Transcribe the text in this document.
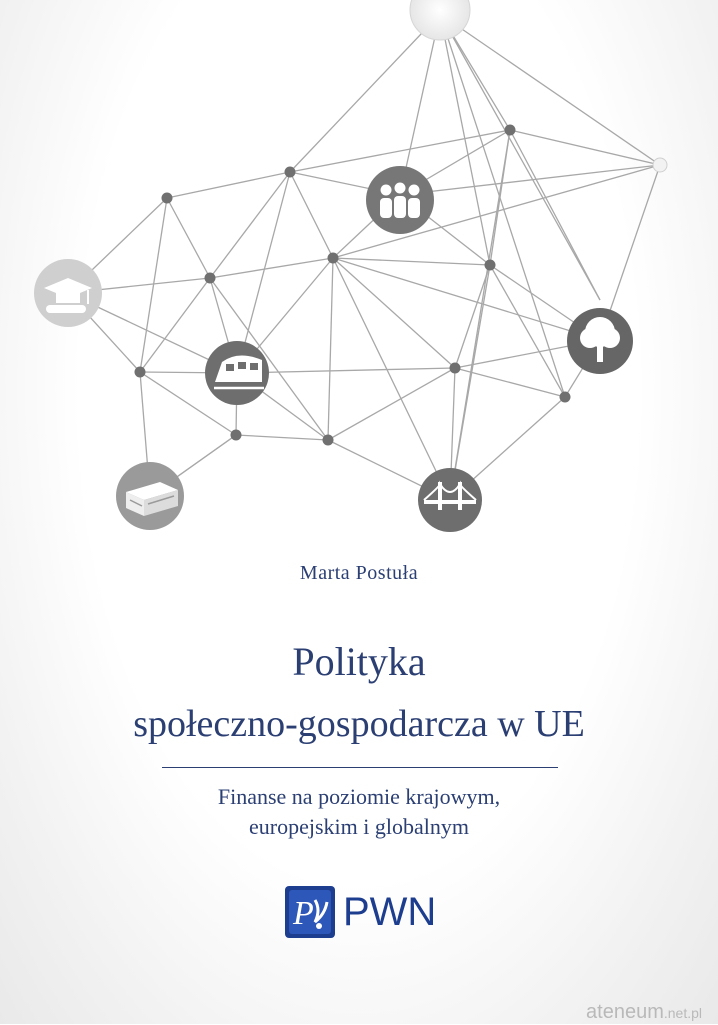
Marta Postuła
Polityka
społeczno-gospodarcza w UE
Finanse na poziomie krajowym,
europejskim i globalnym
P PWN
ateneum.net.pl
